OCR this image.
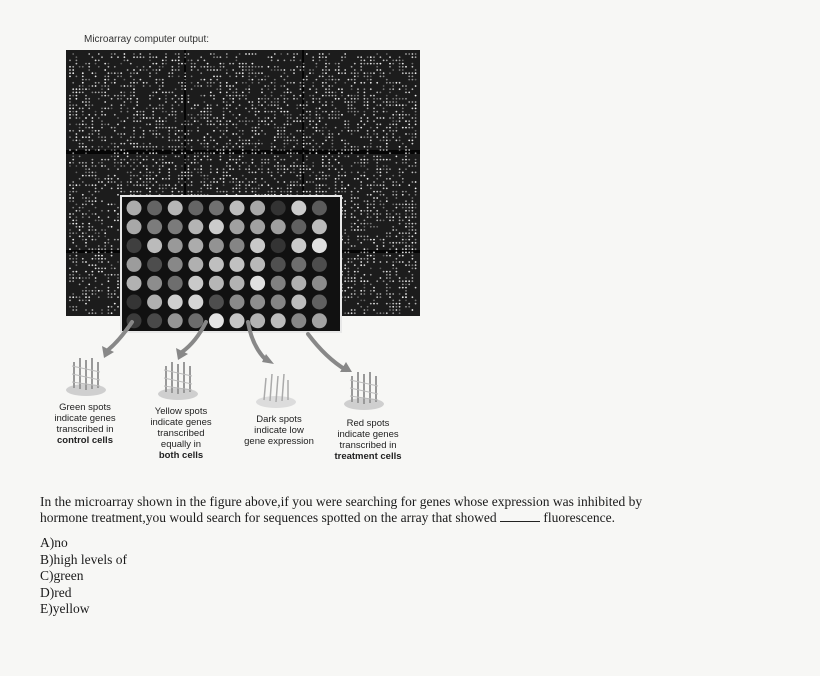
Microarray computer output:
Green spots
indicate genes
transcribed in
control cells
Yellow spots
indicate genes
transcribed
equally in
both cells
Dark spots
indicate low
gene expression
Red spots
indicate genes
transcribed in
treatment cells

In the microarray shown in the figure above,if you were searching for genes whose expression was inhibited by

hormone treatment,you would search for sequences spotted on the array that showed	fluorescence.

A)no
B)high levels of
C)green
D)red
E)yellow
